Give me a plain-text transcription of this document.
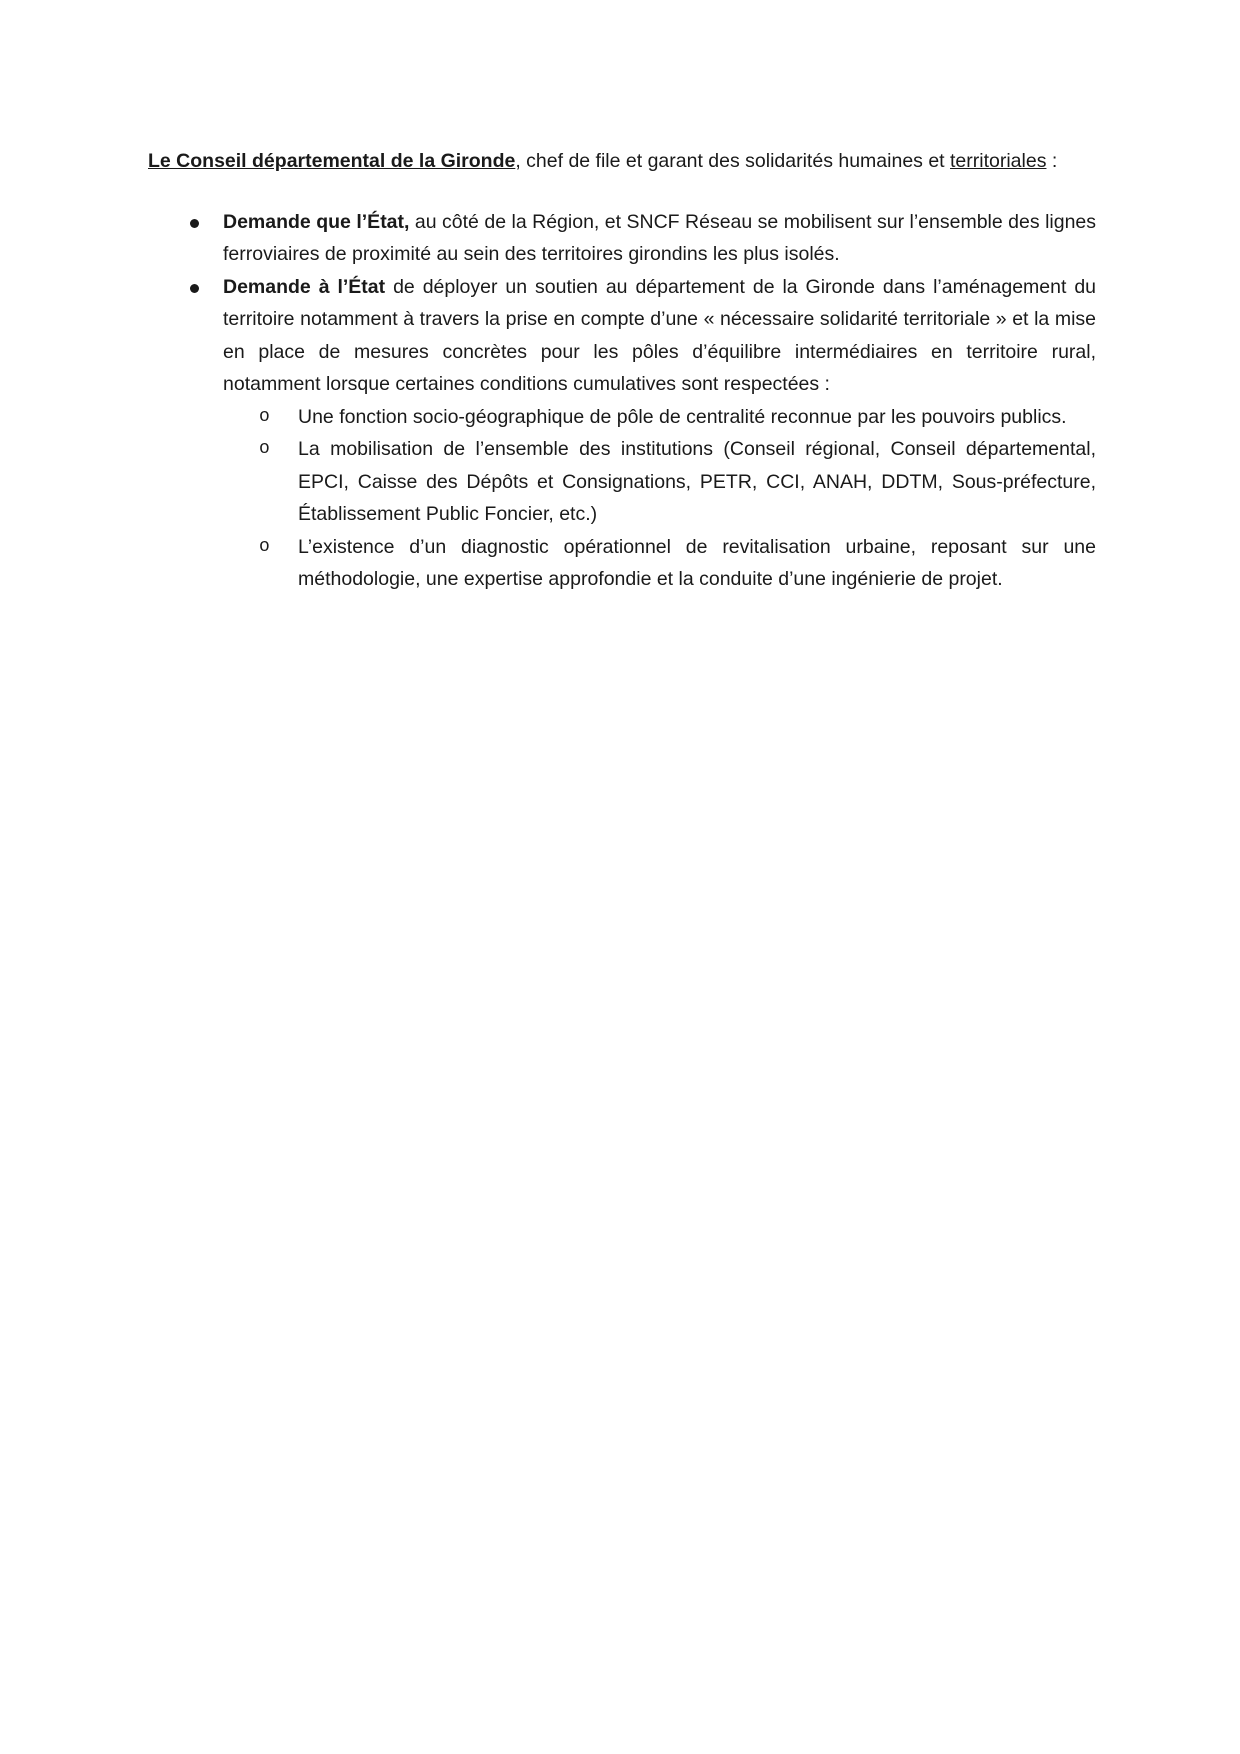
Le Conseil départemental de la Gironde, chef de file et garant des solidarités humaines et territoriales :

Demande que l’État, au côté de la Région, et SNCF Réseau se mobilisent sur l’ensemble des lignes ferroviaires de proximité au sein des territoires girondins les plus isolés.
Demande à l’État de déployer un soutien au département de la Gironde dans l’aménagement du territoire notamment à travers la prise en compte d’une « nécessaire solidarité territoriale » et la mise en place de mesures concrètes pour les pôles d’équilibre intermédiaires en territoire rural, notamment lorsque certaines conditions cumulatives sont respectées :
o Une fonction socio-géographique de pôle de centralité reconnue par les pouvoirs publics.
o La mobilisation de l’ensemble des institutions (Conseil régional, Conseil départemental, EPCI, Caisse des Dépôts et Consignations, PETR, CCI, ANAH, DDTM, Sous-préfecture, Établissement Public Foncier, etc.)
o L’existence d’un diagnostic opérationnel de revitalisation urbaine, reposant sur une méthodologie, une expertise approfondie et la conduite d’une ingénierie de projet.
